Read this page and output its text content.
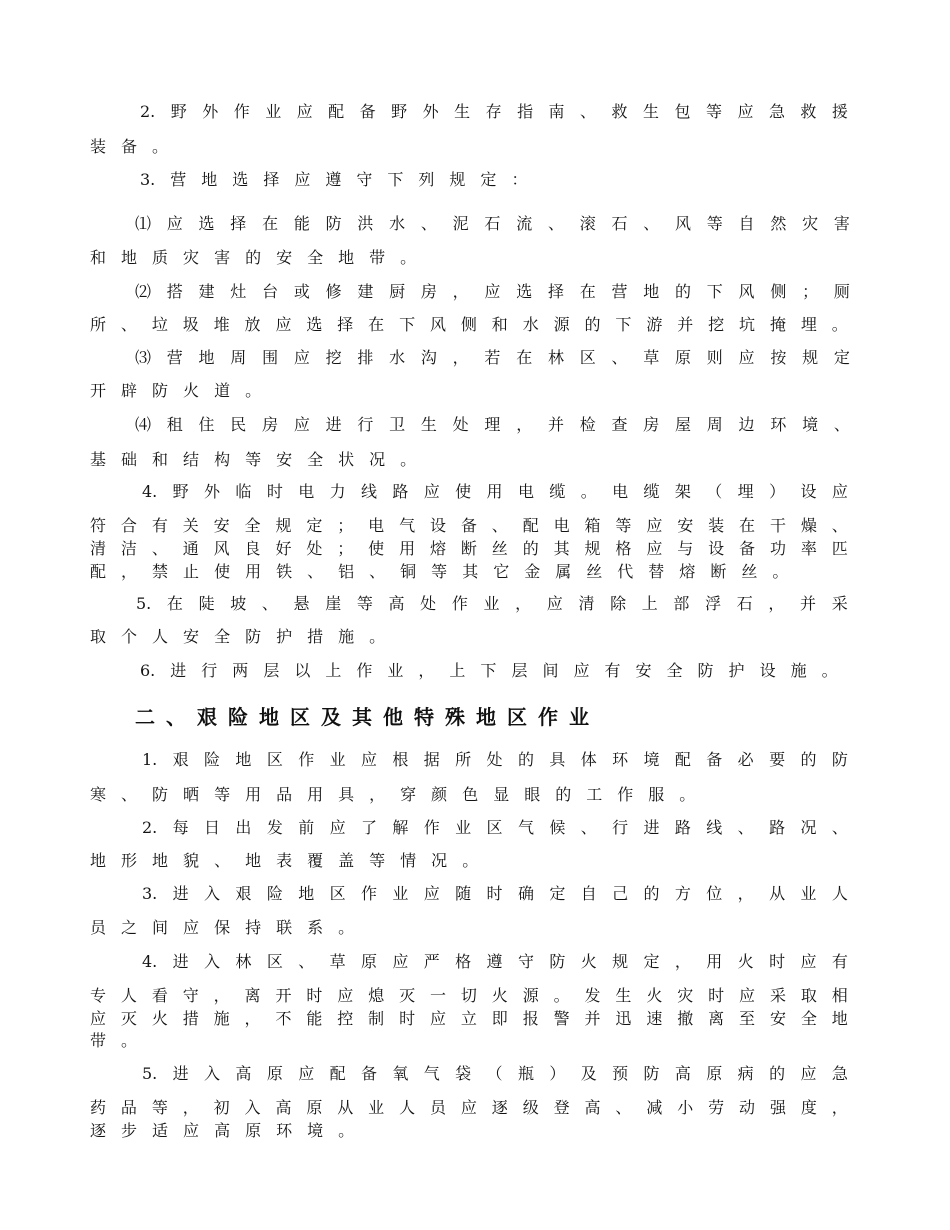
2. 野 外 作 业 应 配 备 野 外 生 存 指 南 、 救 生 包 等 应 急 救 援
装 备 。
3. 营 地 选 择 应 遵 守 下 列 规 定 ：
⑴ 应 选 择 在 能 防 洪 水 、 泥 石 流 、 滚 石 、 风 等 自 然 灾 害
和 地 质 灾 害 的 安 全 地 带 。
⑵ 搭 建 灶 台 或 修 建 厨 房 ， 应 选 择 在 营 地 的 下 风 侧 ； 厕
所 、 垃 圾 堆 放 应 选 择 在 下 风 侧 和 水 源 的 下 游 并 挖 坑 掩 埋 。
⑶ 营 地 周 围 应 挖 排 水 沟 ， 若 在 林 区 、 草 原 则 应 按 规 定
开 辟 防 火 道 。
⑷ 租 住 民 房 应 进 行 卫 生 处 理 ， 并 检 查 房 屋 周 边 环 境 、
基 础 和 结 构 等 安 全 状 况 。
4. 野 外 临 时 电 力 线 路 应 使 用 电 缆 。 电 缆 架 （ 埋 ） 设 应
符 合 有 关 安 全 规 定 ； 电 气 设 备 、 配 电 箱 等 应 安 装 在 干 燥 、
清 洁 、 通 风 良 好 处 ； 使 用 熔 断 丝 的 其 规 格 应 与 设 备 功 率 匹
配 ， 禁 止 使 用 铁 、 铝 、 铜 等 其 它 金 属 丝 代 替 熔 断 丝 。
5. 在 陡 坡 、 悬 崖 等 高 处 作 业 ， 应 清 除 上 部 浮 石 ， 并 采
取 个 人 安 全 防 护 措 施 。
6. 进 行 两 层 以 上 作 业 ， 上 下 层 间 应 有 安 全 防 护 设 施 。
二 、 艰 险 地 区 及 其 他 特 殊 地 区 作 业
1. 艰 险 地 区 作 业 应 根 据 所 处 的 具 体 环 境 配 备 必 要 的 防
寒 、 防 晒 等 用 品 用 具 ， 穿 颜 色 显 眼 的 工 作 服 。
2. 每 日 出 发 前 应 了 解 作 业 区 气 候 、 行 进 路 线 、 路 况 、
地 形 地 貌 、 地 表 覆 盖 等 情 况 。
3. 进 入 艰 险 地 区 作 业 应 随 时 确 定 自 己 的 方 位 ， 从 业 人
员 之 间 应 保 持 联 系 。
4. 进 入 林 区 、 草 原 应 严 格 遵 守 防 火 规 定 ， 用 火 时 应 有
专 人 看 守 ， 离 开 时 应 熄 灭 一 切 火 源 。 发 生 火 灾 时 应 采 取 相
应 灭 火 措 施 ， 不 能 控 制 时 应 立 即 报 警 并 迅 速 撤 离 至 安 全 地
带 。
5. 进 入 高 原 应 配 备 氧 气 袋 （ 瓶 ） 及 预 防 高 原 病 的 应 急
药 品 等 ， 初 入 高 原 从 业 人 员 应 逐 级 登 高 、 减 小 劳 动 强 度 ，
逐 步 适 应 高 原 环 境 。
